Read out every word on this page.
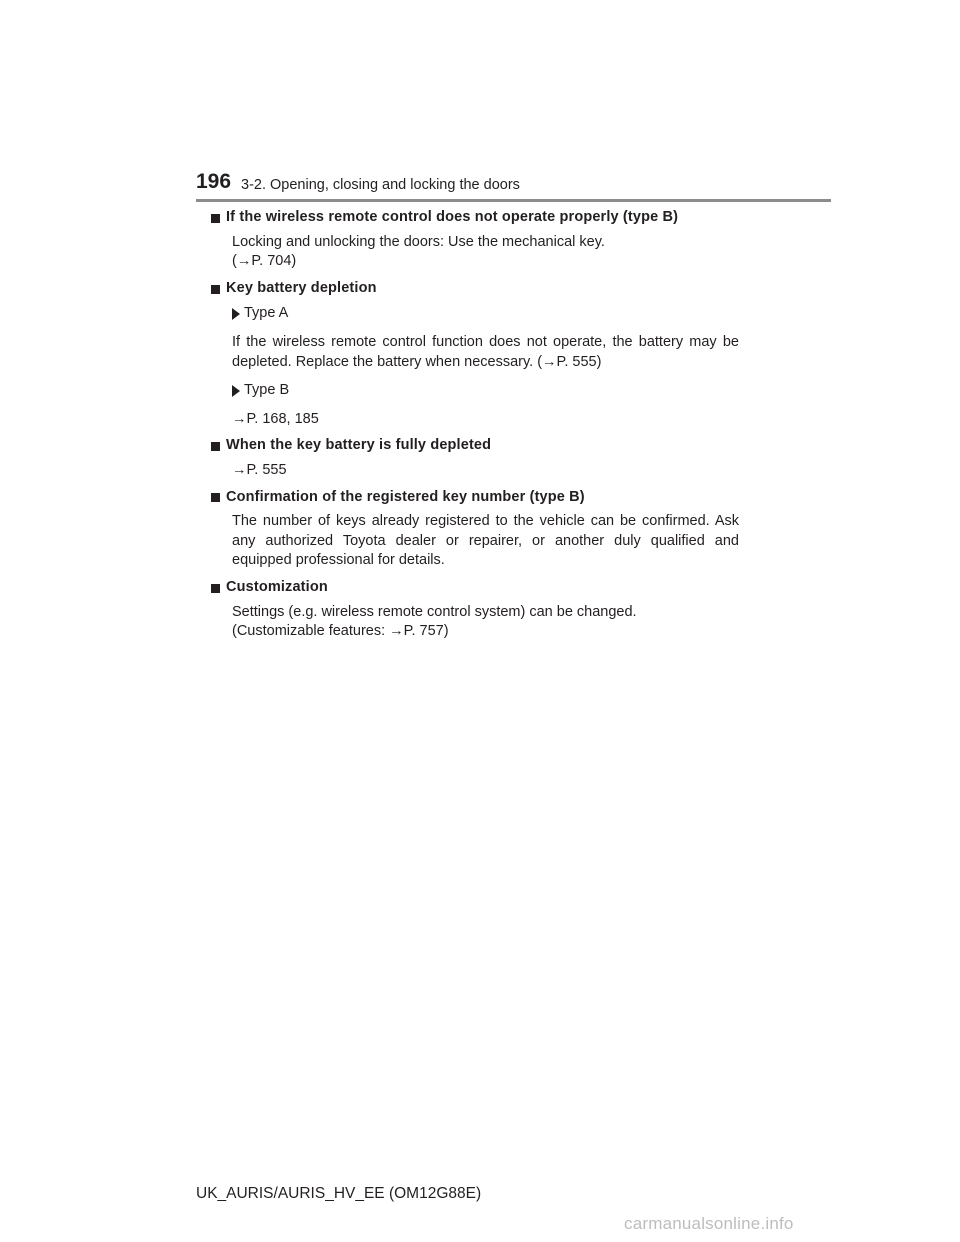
196 3-2. Opening, closing and locking the doors
If the wireless remote control does not operate properly (type B)

Locking and unlocking the doors: Use the mechanical key.
(→P. 704)

Key battery depletion
Type A

If the wireless remote control function does not operate, the battery may be depleted. Replace the battery when necessary. (→P. 555)

Type B

→P. 168, 185

When the key battery is fully depleted

→P. 555

Confirmation of the registered key number (type B)

The number of keys already registered to the vehicle can be confirmed. Ask any authorized Toyota dealer or repairer, or another duly qualified and equipped professional for details.

Customization

Settings (e.g. wireless remote control system) can be changed.
(Customizable features: →P. 757)

UK_AURIS/AURIS_HV_EE (OM12G88E)
carmanualsonline.info
